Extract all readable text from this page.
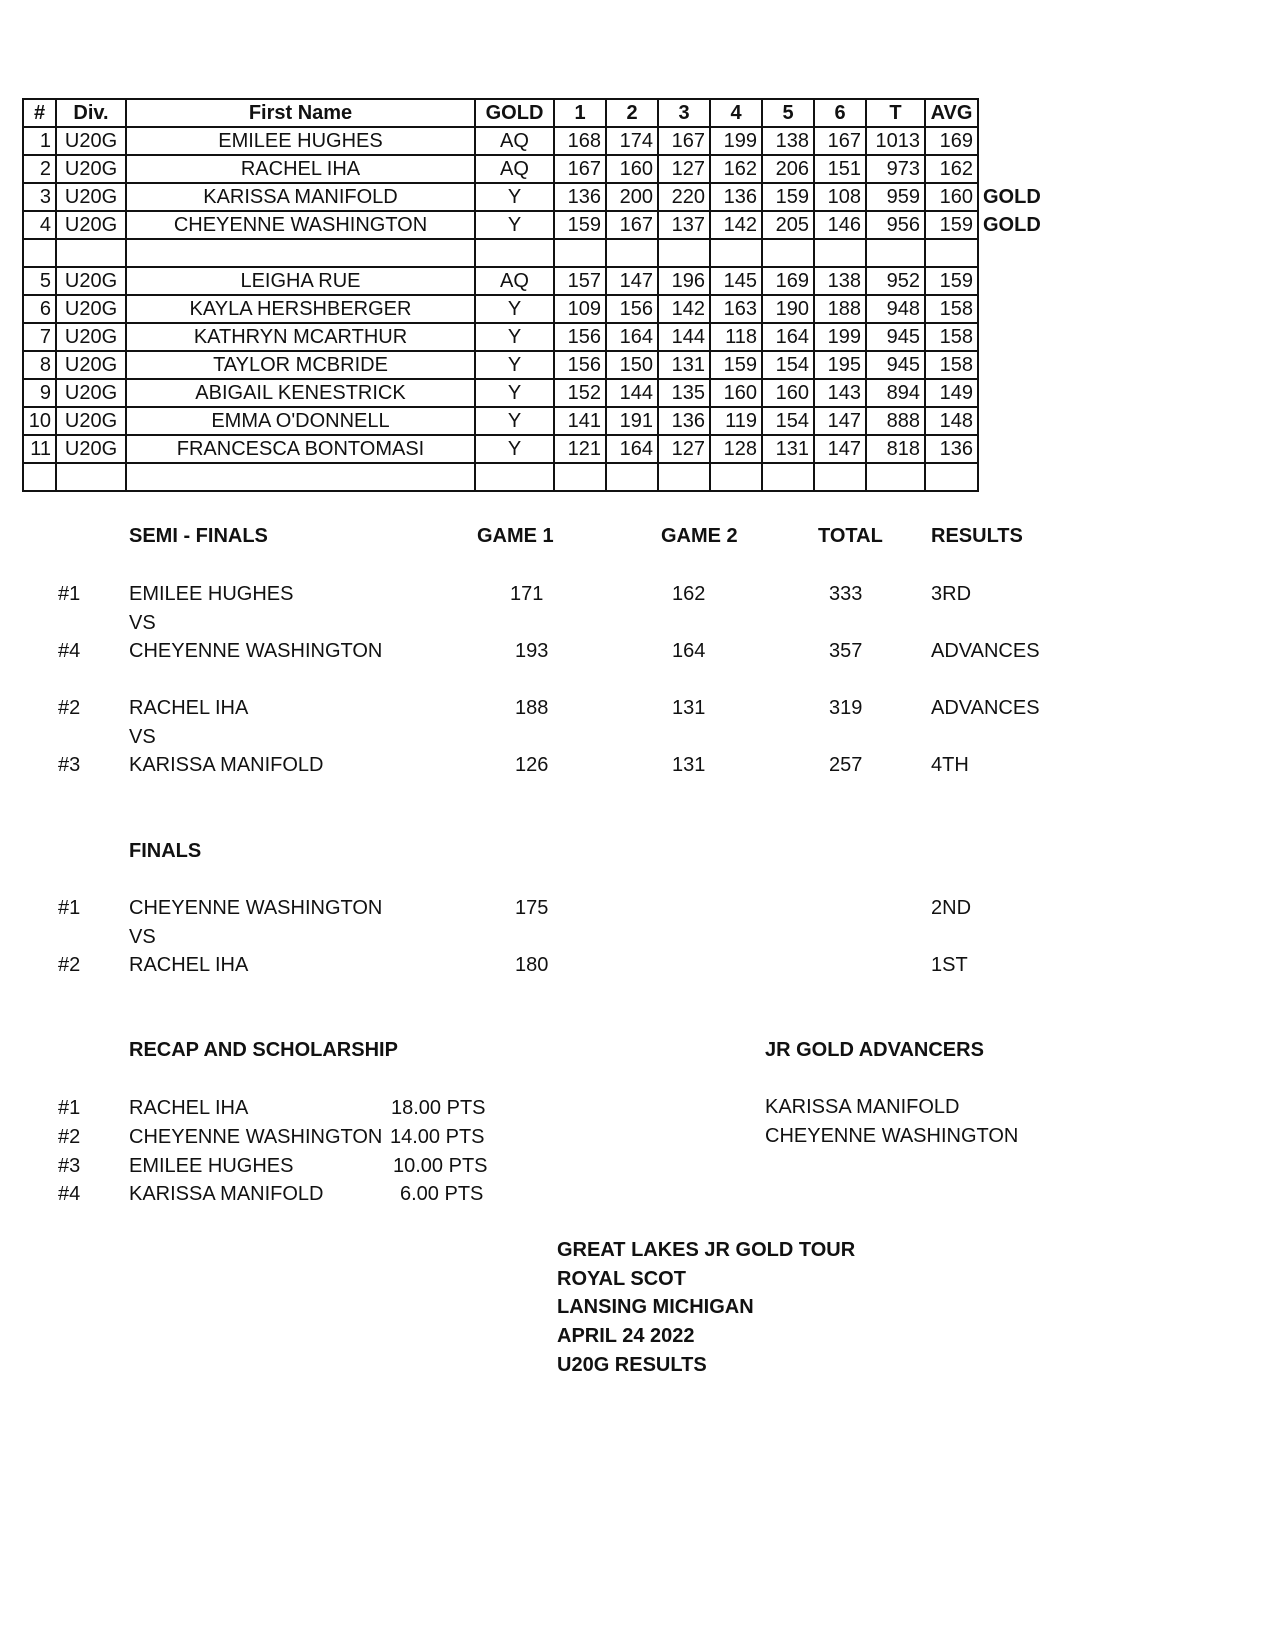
#	Div.	First Name	GOLD	1	2	3	4	5	6	T	AVG	
1	U20G	EMILEE HUGHES	AQ	168	174	167	199	138	167	1013	169	
2	U20G	RACHEL IHA	AQ	167	160	127	162	206	151	973	162	
3	U20G	KARISSA MANIFOLD	Y	136	200	220	136	159	108	959	160	GOLD
4	U20G	CHEYENNE WASHINGTON	Y	159	167	137	142	205	146	956	159	GOLD

5	U20G	LEIGHA RUE	AQ	157	147	196	145	169	138	952	159	
6	U20G	KAYLA HERSHBERGER	Y	109	156	142	163	190	188	948	158	
7	U20G	KATHRYN MCARTHUR	Y	156	164	144	118	164	199	945	158	
8	U20G	TAYLOR MCBRIDE	Y	156	150	131	159	154	195	945	158	
9	U20G	ABIGAIL KENESTRICK	Y	152	144	135	160	160	143	894	149	
10	U20G	EMMA O'DONNELL	Y	141	191	136	119	154	147	888	148	
11	U20G	FRANCESCA BONTOMASI	Y	121	164	127	128	131	147	818	136	

SEMI - FINALS	GAME 1	GAME 2	TOTAL RESULTS
#1 EMILEE HUGHES	171	162	333	3RD
VS
#4 CHEYENNE WASHINGTON	193	164	357	ADVANCES
#2 RACHEL IHA	188	131	319	ADVANCES
VS
#3 KARISSA MANIFOLD	126	131	257	4TH
FINALS
#1 CHEYENNE WASHINGTON	175	2ND
VS
#2 RACHEL IHA	180	1ST
RECAP AND SCHOLARSHIP
#1 RACHEL IHA	18.00 PTS
#2 CHEYENNE WASHINGTON 14.00 PTS
#3 EMILEE HUGHES	10.00 PTS
#4 KARISSA MANIFOLD	6.00 PTS
JR GOLD ADVANCERS
KARISSA MANIFOLD
CHEYENNE WASHINGTON
GREAT LAKES JR GOLD TOUR
ROYAL SCOT
LANSING MICHIGAN
APRIL 24 2022
U20G RESULTS
